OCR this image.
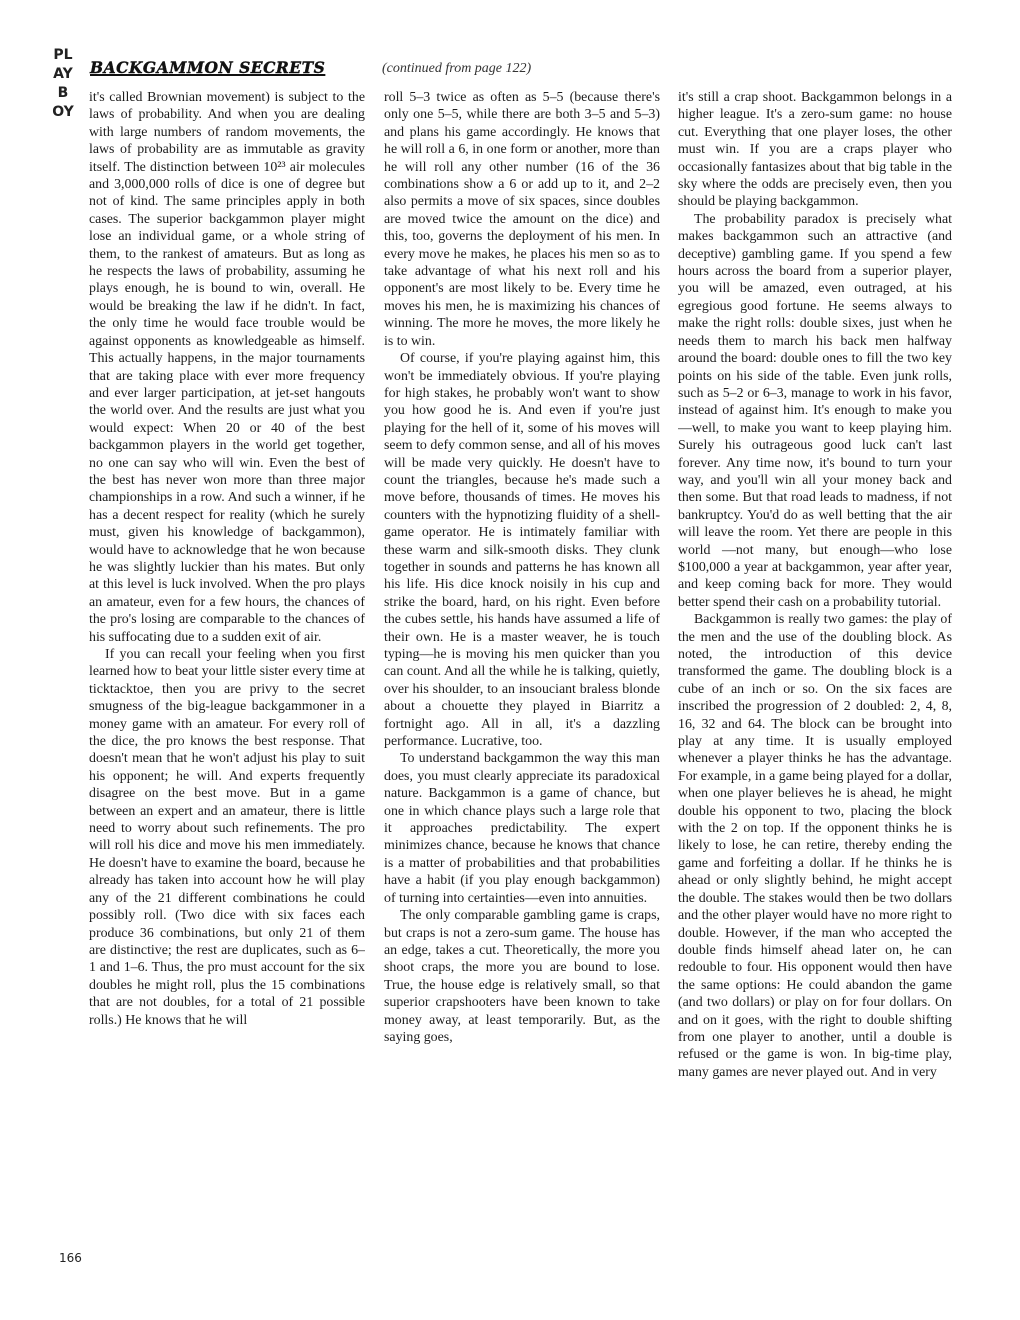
PLAYBOY
BACKGAMMON SECRETS	(continued from page 122)

it's called Brownian movement) is subject to the laws of probability. And when you are dealing with large numbers of random movements, the laws of probability are as immutable as gravity itself. The distinction between 10²³ air molecules and 3,000,000 rolls of dice is one of degree but not of kind. The same principles apply in both cases. The superior backgammon player might lose an individual game, or a whole string of them, to the rankest of amateurs. But as long as he respects the laws of probability, assuming he plays enough, he is bound to win, overall. He would be breaking the law if he didn't. In fact, the only time he would face trouble would be against opponents as knowledgeable as himself. This actually happens, in the major tournaments that are taking place with ever more frequency and ever larger participation, at jet-set hangouts the world over. And the results are just what you would expect: When 20 or 40 of the best backgammon players in the world get together, no one can say who will win. Even the best of the best has never won more than three major championships in a row. And such a winner, if he has a decent respect for reality (which he surely must, given his knowledge of backgammon), would have to acknowledge that he won because he was slightly luckier than his mates. But only at this level is luck involved. When the pro plays an amateur, even for a few hours, the chances of the pro's losing are comparable to the chances of his suffocating due to a sudden exit of air.

If you can recall your feeling when you first learned how to beat your little sister every time at ticktacktoe, then you are privy to the secret smugness of the big-league backgammoner in a money game with an amateur. For every roll of the dice, the pro knows the best response. That doesn't mean that he won't adjust his play to suit his opponent; he will. And experts frequently disagree on the best move. But in a game between an expert and an amateur, there is little need to worry about such refinements. The pro will roll his dice and move his men immediately. He doesn't have to examine the board, because he already has taken into account how he will play any of the 21 different combinations he could possibly roll. (Two dice with six faces each produce 36 combinations, but only 21 of them are distinctive; the rest are duplicates, such as 6–1 and 1–6. Thus, the pro must account for the six doubles he might roll, plus the 15 combinations that are not doubles, for a total of 21 possible rolls.) He knows that he will

roll 5–3 twice as often as 5–5 (because there's only one 5–5, while there are both 3–5 and 5–3) and plans his game accordingly. He knows that he will roll a 6, in one form or another, more than he will roll any other number (16 of the 36 combinations show a 6 or add up to it, and 2–2 also permits a move of six spaces, since doubles are moved twice the amount on the dice) and this, too, governs the deployment of his men. In every move he makes, he places his men so as to take advantage of what his next roll and his opponent's are most likely to be. Every time he moves his men, he is maximizing his chances of winning. The more he moves, the more likely he is to win.

Of course, if you're playing against him, this won't be immediately obvious. If you're playing for high stakes, he probably won't want to show you how good he is. And even if you're just playing for the hell of it, some of his moves will seem to defy common sense, and all of his moves will be made very quickly. He doesn't have to count the triangles, because he's made such a move before, thousands of times. He moves his counters with the hypnotizing fluidity of a shell-game operator. He is intimately familiar with these warm and silk-smooth disks. They clunk together in sounds and patterns he has known all his life. His dice knock noisily in his cup and strike the board, hard, on his right. Even before the cubes settle, his hands have assumed a life of their own. He is a master weaver, he is touch typing—he is moving his men quicker than you can count. And all the while he is talking, quietly, over his shoulder, to an insouciant braless blonde about a chouette they played in Biarritz a fortnight ago. All in all, it's a dazzling performance. Lucrative, too.

To understand backgammon the way this man does, you must clearly appreciate its paradoxical nature. Backgammon is a game of chance, but one in which chance plays such a large role that it approaches predictability. The expert minimizes chance, because he knows that chance is a matter of probabilities and that probabilities have a habit (if you play enough backgammon) of turning into certainties—even into annuities.

The only comparable gambling game is craps, but craps is not a zero-sum game. The house has an edge, takes a cut. Theoretically, the more you shoot craps, the more you are bound to lose. True, the house edge is relatively small, so that superior crapshooters have been known to take money away, at least temporarily. But, as the saying goes,

it's still a crap shoot. Backgammon belongs in a higher league. It's a zero-sum game: no house cut. Everything that one player loses, the other must win. If you are a craps player who occasionally fantasizes about that big table in the sky where the odds are precisely even, then you should be playing backgammon.

The probability paradox is precisely what makes backgammon such an attractive (and deceptive) gambling game. If you spend a few hours across the board from a superior player, you will be amazed, even outraged, at his egregious good fortune. He seems always to make the right rolls: double sixes, just when he needs them to march his back men halfway around the board: double ones to fill the two key points on his side of the table. Even junk rolls, such as 5–2 or 6–3, manage to work in his favor, instead of against him. It's enough to make you—well, to make you want to keep playing him. Surely his outrageous good luck can't last forever. Any time now, it's bound to turn your way, and you'll win all your money back and then some. But that road leads to madness, if not bankruptcy. You'd do as well betting that the air will leave the room. Yet there are people in this world —not many, but enough—who lose $100,000 a year at backgammon, year after year, and keep coming back for more. They would better spend their cash on a probability tutorial.

Backgammon is really two games: the play of the men and the use of the doubling block. As noted, the introduction of this device transformed the game. The doubling block is a cube of an inch or so. On the six faces are inscribed the progression of 2 doubled: 2, 4, 8, 16, 32 and 64. The block can be brought into play at any time. It is usually employed whenever a player thinks he has the advantage. For example, in a game being played for a dollar, when one player believes he is ahead, he might double his opponent to two, placing the block with the 2 on top. If the opponent thinks he is likely to lose, he can retire, thereby ending the game and forfeiting a dollar. If he thinks he is ahead or only slightly behind, he might accept the double. The stakes would then be two dollars and the other player would have no more right to double. However, if the man who accepted the double finds himself ahead later on, he can redouble to four. His opponent would then have the same options: He could abandon the game (and two dollars) or play on for four dollars. On and on it goes, with the right to double shifting from one player to another, until a double is refused or the game is won. In big-time play, many games are never played out. And in very

166
